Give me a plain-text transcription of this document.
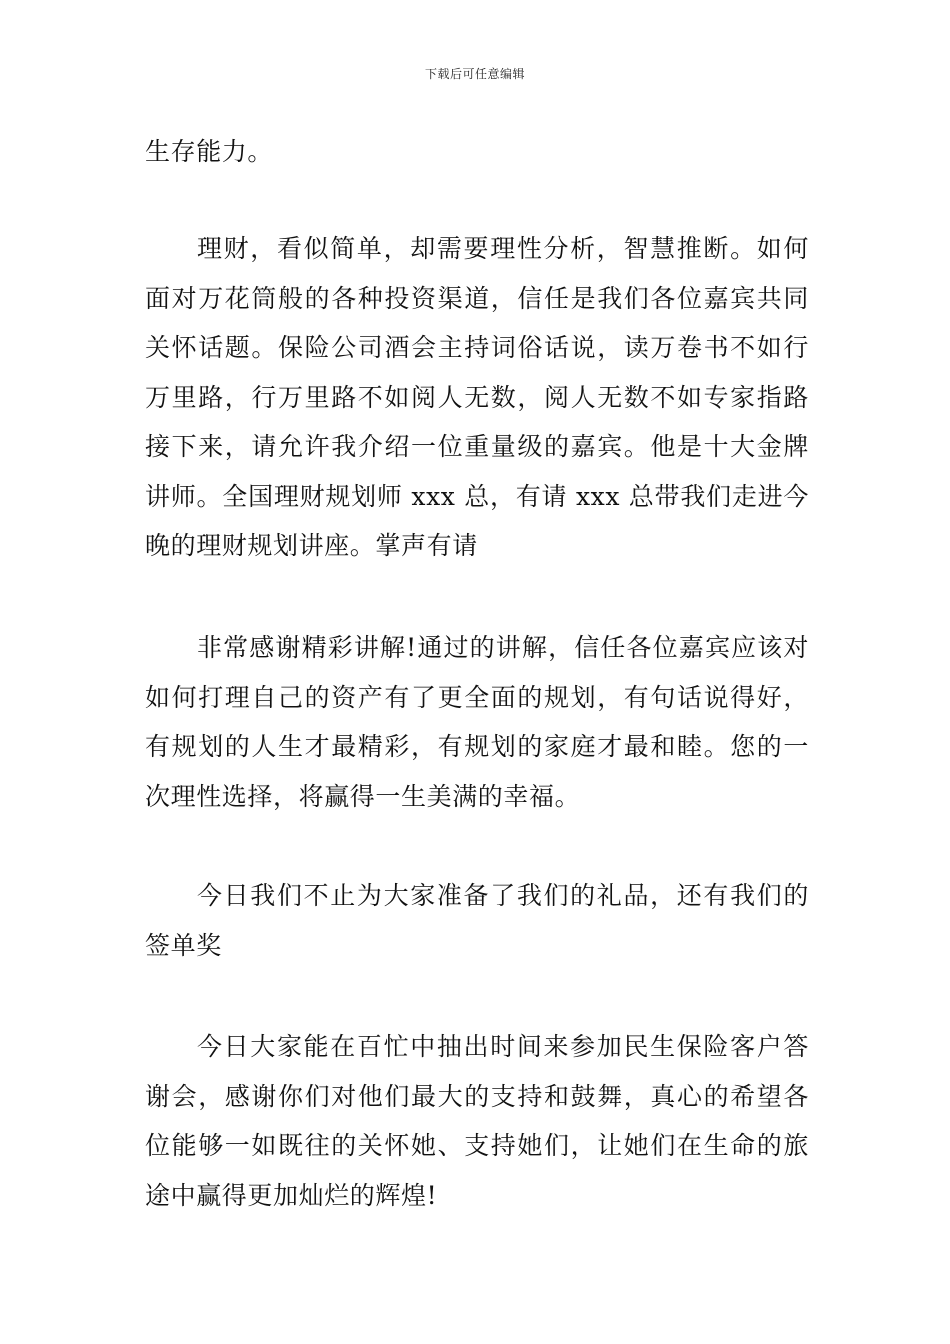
下载后可任意编辑

生存能力。

理财，看似简单，却需要理性分析，智慧推断。如何面对万花筒般的各种投资渠道，信任是我们各位嘉宾共同关怀话题。保险公司酒会主持词俗话说，读万卷书不如行万里路，行万里路不如阅人无数，阅人无数不如专家指路接下来，请允许我介绍一位重量级的嘉宾。他是十大金牌讲师。全国理财规划师 xxx 总，有请 xxx 总带我们走进今晚的理财规划讲座。掌声有请

非常感谢精彩讲解!通过的讲解，信任各位嘉宾应该对如何打理自己的资产有了更全面的规划，有句话说得好，有规划的人生才最精彩，有规划的家庭才最和睦。您的一次理性选择，将赢得一生美满的幸福。

今日我们不止为大家准备了我们的礼品，还有我们的签单奖

今日大家能在百忙中抽出时间来参加民生保险客户答谢会，感谢你们对他们最大的支持和鼓舞，真心的希望各位能够一如既往的关怀她、支持她们，让她们在生命的旅途中赢得更加灿烂的辉煌!
